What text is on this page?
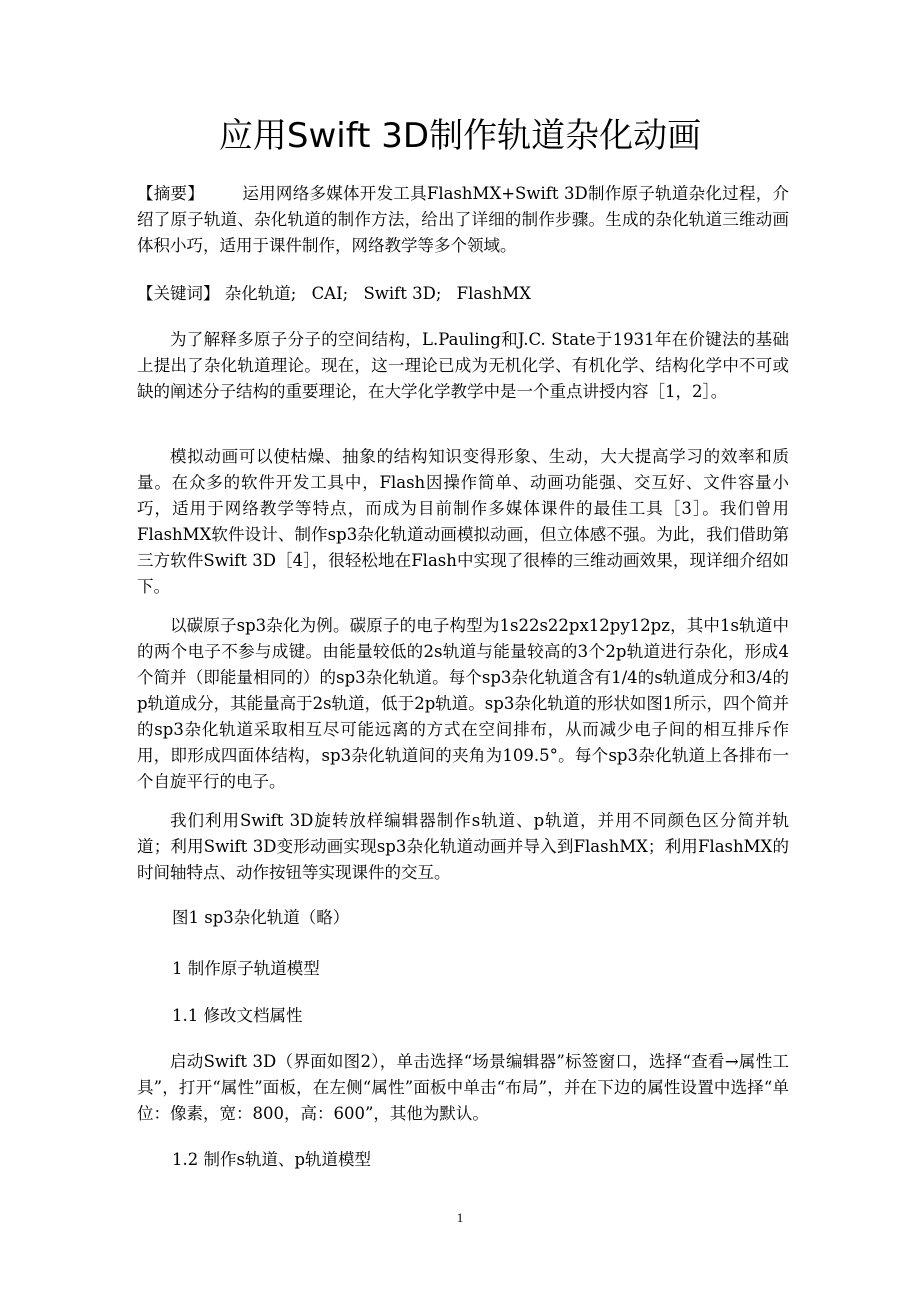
应用Swift 3D制作轨道杂化动画

【摘要】 运用网络多媒体开发工具FlashMX+Swift 3D制作原子轨道杂化过程，介绍了原子轨道、杂化轨道的制作方法，给出了详细的制作步骤。生成的杂化轨道三维动画体积小巧，适用于课件制作，网络教学等多个领域。

【关键词】 杂化轨道; CAI; Swift 3D; FlashMX

为了解释多原子分子的空间结构，L.Pauling和J.C. State于1931年在价键法的基础上提出了杂化轨道理论。现在，这一理论已成为无机化学、有机化学、结构化学中不可或缺的阐述分子结构的重要理论，在大学化学教学中是一个重点讲授内容［1，2］。

模拟动画可以使枯燥、抽象的结构知识变得形象、生动，大大提高学习的效率和质量。在众多的软件开发工具中，Flash因操作简单、动画功能强、交互好、文件容量小巧，适用于网络教学等特点，而成为目前制作多媒体课件的最佳工具［3］。我们曾用FlashMX软件设计、制作sp3杂化轨道动画模拟动画，但立体感不强。为此，我们借助第三方软件Swift 3D［4］，很轻松地在Flash中实现了很棒的三维动画效果，现详细介绍如下。

以碳原子sp3杂化为例。碳原子的电子构型为1s22s22px12py12pz，其中1s轨道中的两个电子不参与成键。由能量较低的2s轨道与能量较高的3个2p轨道进行杂化，形成4个简并（即能量相同的）的sp3杂化轨道。每个sp3杂化轨道含有1/4的s轨道成分和3/4的p轨道成分，其能量高于2s轨道，低于2p轨道。sp3杂化轨道的形状如图1所示，四个简并的sp3杂化轨道采取相互尽可能远离的方式在空间排布，从而减少电子间的相互排斥作用，即形成四面体结构，sp3杂化轨道间的夹角为109.5°。每个sp3杂化轨道上各排布一个自旋平行的电子。

我们利用Swift 3D旋转放样编辑器制作s轨道、p轨道，并用不同颜色区分简并轨道；利用Swift 3D变形动画实现sp3杂化轨道动画并导入到FlashMX；利用FlashMX的时间轴特点、动作按钮等实现课件的交互。

图1 sp3杂化轨道（略）

1 制作原子轨道模型

1.1 修改文档属性

启动Swift 3D（界面如图2），单击选择“场景编辑器”标签窗口，选择“查看→属性工具”，打开“属性”面板，在左侧“属性”面板中单击“布局”，并在下边的属性设置中选择“单位：像素，宽：800，高：600”，其他为默认。

1.2 制作s轨道、p轨道模型

1
